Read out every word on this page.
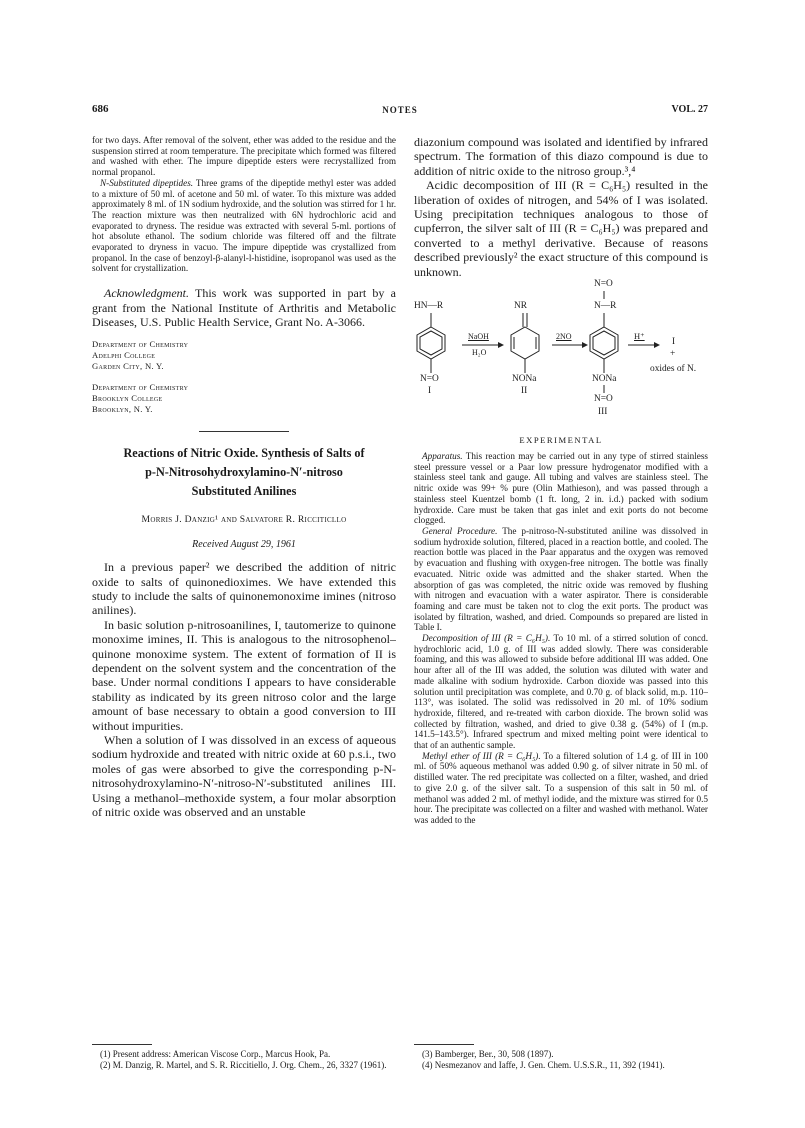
686	NOTES	VOL. 27

for two days. After removal of the solvent, ether was added to the residue and the suspension stirred at room temperature. The precipitate which formed was filtered and washed with ether. The impure dipeptide esters were recrystallized from normal propanol.

N-Substituted dipeptides. Three grams of the dipeptide methyl ester was added to a mixture of 50 ml. of acetone and 50 ml. of water. To this mixture was added approximately 8 ml. of 1N sodium hydroxide, and the solution was stirred for 1 hr. The reaction mixture was then neutralized with 6N hydrochloric acid and evaporated to dryness. The residue was extracted with several 5-ml. portions of hot absolute ethanol. The sodium chloride was filtered off and the filtrate evaporated to dryness in vacuo. The impure dipeptide was crystallized from propanol. In the case of benzoyl-β-alanyl-l-histidine, isopropanol was used as the solvent for crystallization.

Acknowledgment. This work was supported in part by a grant from the National Institute of Arthritis and Metabolic Diseases, U.S. Public Health Service, Grant No. A-3066.

Department of Chemistry

Adelphi College

Garden City, N. Y.

Department of Chemistry

Brooklyn College

Brooklyn, N. Y.

Reactions of Nitric Oxide. Synthesis of Salts of

p-N-Nitrosohydroxylamino-N′-nitroso

Substituted Anilines

Morris J. Danzig¹ and Salvatore R. Ricciticllo

Received August 29, 1961

In a previous paper² we described the addition of nitric oxide to salts of quinonedioximes. We have extended this study to include the salts of quinonemonoxime imines (nitroso anilines).

In basic solution p-nitrosoanilines, I, tautomerize to quinone monoxime imines, II. This is analogous to the nitrosophenol–quinone monoxime system. The extent of formation of II is dependent on the solvent system and the concentration of the base. Under normal conditions I appears to have considerable stability as indicated by its green nitroso color and the large amount of base necessary to obtain a good conversion to III without impurities.

When a solution of I was dissolved in an excess of aqueous sodium hydroxide and treated with nitric oxide at 60 p.s.i., two moles of gas were absorbed to give the corresponding p-N-nitrosohydroxylamino-N′-nitroso-N′-substituted anilines III. Using a methanol–methoxide system, a four molar absorption of nitric oxide was observed and an unstable

(1) Present address: American Viscose Corp., Marcus Hook, Pa.

(2) M. Danzig, R. Martel, and S. R. Riccitiello, J. Org. Chem., 26, 3327 (1961).

diazonium compound was isolated and identified by infrared spectrum. The formation of this diazo compound is due to addition of nitric oxide to the nitroso group.³,⁴

Acidic decomposition of III (R = C₆H₅) resulted in the liberation of oxides of nitrogen, and 54% of I was isolated. Using precipitation techniques analogous to those of cupferron, the silver salt of III (R = C₆H₅) was prepared and converted to a methyl derivative. Because of reasons described previously² the exact structure of this compound is unknown.

HN—R
N=O
I
NaOH
H₂O
NR
NONa
II
2NO
N=O
N—R
NONa
N=O
III
H⁺
I
+
oxides of N.

EXPERIMENTAL

Apparatus. This reaction may be carried out in any type of stirred stainless steel pressure vessel or a Paar low pressure hydrogenator modified with a stainless steel tank and gauge. All tubing and valves are stainless steel. The nitric oxide was 99+ % pure (Olin Mathieson), and was passed through a stainless steel Kuentzel bomb (1 ft. long, 2 in. i.d.) packed with sodium hydroxide. Care must be taken that gas inlet and exit ports do not become clogged.

General Procedure. The p-nitroso-N-substituted aniline was dissolved in sodium hydroxide solution, filtered, placed in a reaction bottle, and cooled. The reaction bottle was placed in the Paar apparatus and the oxygen was removed by evacuation and flushing with oxygen-free nitrogen. The bottle was finally evacuated. Nitric oxide was admitted and the shaker started. When the absorption of gas was completed, the nitric oxide was removed by flushing with nitrogen and evacuation with a water aspirator. There is considerable foaming and care must be taken not to clog the exit ports. The product was isolated by filtration, washed, and dried. Compounds so prepared are listed in Table I.

Decomposition of III (R = C₆H₅). To 10 ml. of a stirred solution of concd. hydrochloric acid, 1.0 g. of III was added slowly. There was considerable foaming, and this was allowed to subside before additional III was added. One hour after all of the III was added, the solution was diluted with water and made alkaline with sodium hydroxide. Carbon dioxide was passed into this solution until precipitation was complete, and 0.70 g. of black solid, m.p. 110–113°, was isolated. The solid was redissolved in 20 ml. of 10% sodium hydroxide, filtered, and re-treated with carbon dioxide. The brown solid was collected by filtration, washed, and dried to give 0.38 g. (54%) of I (m.p. 141.5–143.5°). Infrared spectrum and mixed melting point were identical to that of an authentic sample.

Methyl ether of III (R = C₆H₅). To a filtered solution of 1.4 g. of III in 100 ml. of 50% aqueous methanol was added 0.90 g. of silver nitrate in 50 ml. of distilled water. The red precipitate was collected on a filter, washed, and dried to give 2.0 g. of the silver salt. To a suspension of this salt in 50 ml. of methanol was added 2 ml. of methyl iodide, and the mixture was stirred for 0.5 hour. The precipitate was collected on a filter and washed with methanol. Water was added to the

(3) Bamberger, Ber., 30, 508 (1897).

(4) Nesmezanov and Iaffe, J. Gen. Chem. U.S.S.R., 11, 392 (1941).
